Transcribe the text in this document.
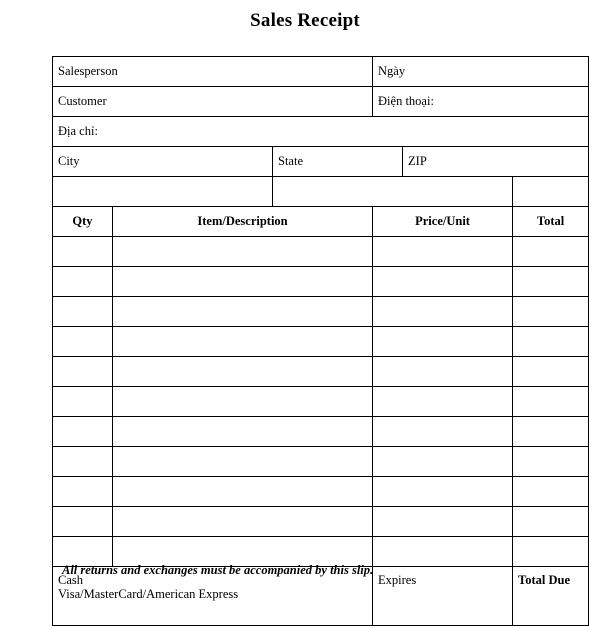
Sales Receipt
Salesperson			Ngày		
Customer			Điện thoại:		
Địa chỉ:					
City		State		ZIP	

Qty	Item/Description		Price/Unit		Total

Cash
Visa/MasterCard/American Express			Expires		Total Due

All returns and exchanges must be accompanied by this slip.
